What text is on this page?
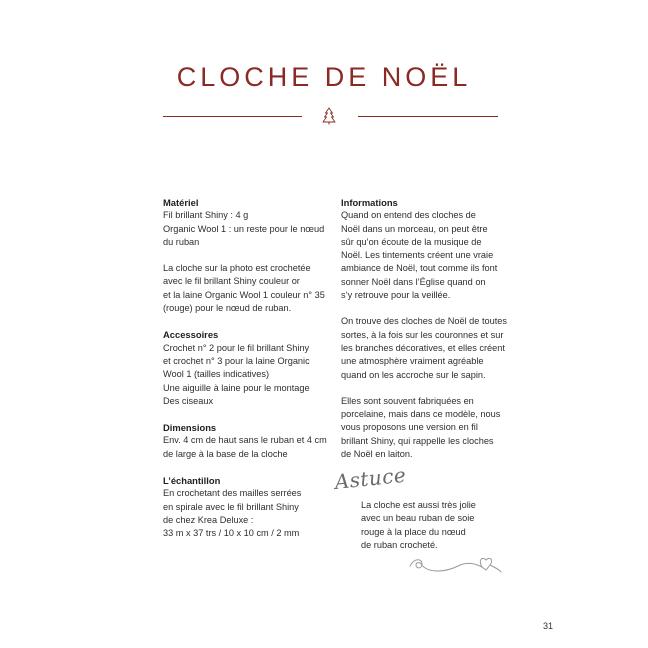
CLOCHE DE NOËL
Matériel

Fil brillant Shiny : 4 g
Organic Wool 1 : un reste pour le nœud
du ruban

La cloche sur la photo est crochetée
avec le fil brillant Shiny couleur or
et la laine Organic Wool 1 couleur n° 35
(rouge) pour le nœud de ruban.

Accessoires

Crochet n° 2 pour le fil brillant Shiny
et crochet n° 3 pour la laine Organic
Wool 1 (tailles indicatives)
Une aiguille à laine pour le montage
Des ciseaux

Dimensions

Env. 4 cm de haut sans le ruban et 4 cm
de large à la base de la cloche

L’échantillon

En crochetant des mailles serrées
en spirale avec le fil brillant Shiny
de chez Krea Deluxe :
33 m x 37 trs / 10 x 10 cm / 2 mm

Informations

Quand on entend des cloches de
Noël dans un morceau, on peut être
sûr qu’on écoute de la musique de
Noël. Les tintements créent une vraie
ambiance de Noël, tout comme ils font
sonner Noël dans l’Église quand on
s’y retrouve pour la veillée.

On trouve des cloches de Noël de toutes
sortes, à la fois sur les couronnes et sur
les branches décoratives, et elles créent
une atmosphère vraiment agréable
quand on les accroche sur le sapin.

Elles sont souvent fabriquées en
porcelaine, mais dans ce modèle, nous
vous proposons une version en fil
brillant Shiny, qui rappelle les cloches
de Noël en laiton.

Astuce
La cloche est aussi très jolie
avec un beau ruban de soie
rouge à la place du nœud
de ruban crocheté.
31
